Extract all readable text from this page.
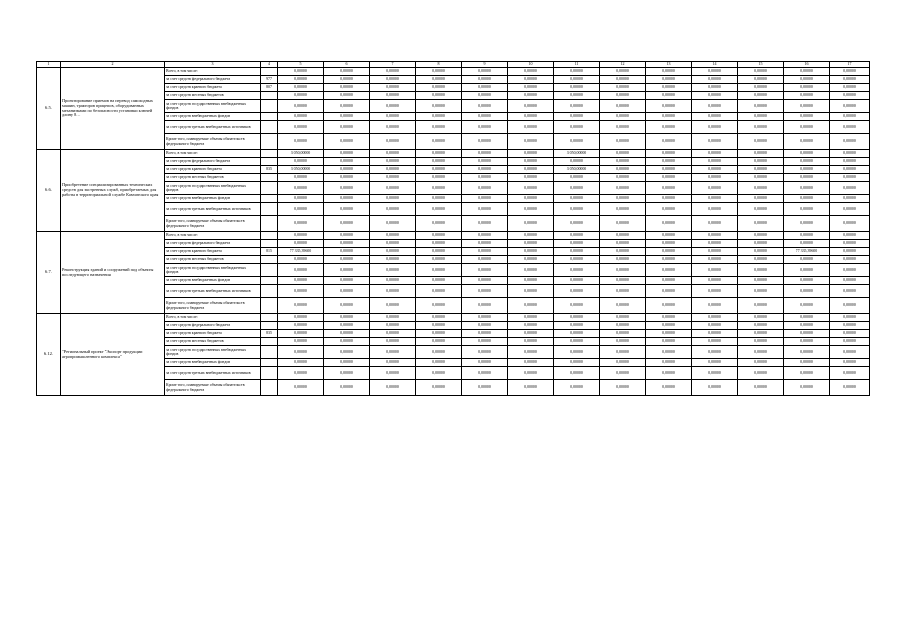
1	2	3	4	5	6	7	8	9	10	11	12	13	14	15	16	17
6.5.	Проектирование приемов на перевод самоходных машин, тракторов прицепов, оборудованных механизмами по безопасности установки ключей длину 8…	Всего, в том числе:		0,00000	0,00000	0,00000	0,00000	0,00000	0,00000	0,00000	0,00000	0,00000	0,00000	0,00000	0,00000	0,00000
		за счет средств федерального бюджета	977	0,00000	0,00000	0,00000	0,00000	0,00000	0,00000	0,00000	0,00000	0,00000	0,00000	0,00000	0,00000	0,00000
		за счет средств краевого бюджета	807	0,00000	0,00000	0,00000	0,00000	0,00000	0,00000	0,00000	0,00000	0,00000	0,00000	0,00000	0,00000	0,00000
		за счет средств местных бюджетов		0,00000	0,00000	0,00000	0,00000	0,00000	0,00000	0,00000	0,00000	0,00000	0,00000	0,00000	0,00000	0,00000
		за счет средств государственных внебюджетных фондов		0,00000	0,00000	0,00000	0,00000	0,00000	0,00000	0,00000	0,00000	0,00000	0,00000	0,00000	0,00000	0,00000
		за счет средств внебюджетных фондов		0,00000	0,00000	0,00000	0,00000	0,00000	0,00000	0,00000	0,00000	0,00000	0,00000	0,00000	0,00000	0,00000
		за счет средств третьих внебюджетных источников		0,00000	0,00000	0,00000	0,00000	0,00000	0,00000	0,00000	0,00000	0,00000	0,00000	0,00000	0,00000	0,00000
		Кроме того, планируемые объемы обязательств федерального бюджета		0,00000	0,00000	0,00000	0,00000	0,00000	0,00000	0,00000	0,00000	0,00000	0,00000	0,00000	0,00000	0,00000
6.6.	Приобретение специализированных технических средств для экстренных служб, приобретаемых для работы в территориальной службе Камчатского края	Всего, в том числе:		3 050,00000	0,00000	0,00000	0,00000	0,00000	0,00000	3 050,00000	0,00000	0,00000	0,00000	0,00000	0,00000	0,00000
		за счет средств федерального бюджета		0,00000	0,00000	0,00000	0,00000	0,00000	0,00000	0,00000	0,00000	0,00000	0,00000	0,00000	0,00000	0,00000
		за счет средств краевого бюджета	835	3 050,00000	0,00000	0,00000	0,00000	0,00000	0,00000	3 050,00000	0,00000	0,00000	0,00000	0,00000	0,00000	0,00000
		за счет средств местных бюджетов		0,00000	0,00000	0,00000	0,00000	0,00000	0,00000	0,00000	0,00000	0,00000	0,00000	0,00000	0,00000	0,00000
		за счет средств государственных внебюджетных фондов		0,00000	0,00000	0,00000	0,00000	0,00000	0,00000	0,00000	0,00000	0,00000	0,00000	0,00000	0,00000	0,00000
		за счет средств внебюджетных фондов		0,00000	0,00000	0,00000	0,00000	0,00000	0,00000	0,00000	0,00000	0,00000	0,00000	0,00000	0,00000	0,00000
		за счет средств третьих внебюджетных источников		0,00000	0,00000	0,00000	0,00000	0,00000	0,00000	0,00000	0,00000	0,00000	0,00000	0,00000	0,00000	0,00000
		Кроме того, планируемые объемы обязательств федерального бюджета		0,00000	0,00000	0,00000	0,00000	0,00000	0,00000	0,00000	0,00000	0,00000	0,00000	0,00000	0,00000	0,00000
6.7.	Реконструкция зданий и сооружений под объекты последующего назначения	Всего, в том числе:		0,00000	0,00000	0,00000	0,00000	0,00000	0,00000	0,00000	0,00000	0,00000	0,00000	0,00000	0,00000	0,00000
		за счет средств федерального бюджета		0,00000	0,00000	0,00000	0,00000	0,00000	0,00000	0,00000	0,00000	0,00000	0,00000	0,00000	0,00000	0,00000
		за счет средств краевого бюджета	815	77 335,39600	0,00000	0,00000	0,00000	0,00000	0,00000	0,00000	0,00000	0,00000	0,00000	0,00000	77 335,39600	0,00000
		за счет средств местных бюджетов		0,00000	0,00000	0,00000	0,00000	0,00000	0,00000	0,00000	0,00000	0,00000	0,00000	0,00000	0,00000	0,00000
		за счет средств государственных внебюджетных фондов		0,00000	0,00000	0,00000	0,00000	0,00000	0,00000	0,00000	0,00000	0,00000	0,00000	0,00000	0,00000	0,00000
		за счет средств внебюджетных фондов		0,00000	0,00000	0,00000	0,00000	0,00000	0,00000	0,00000	0,00000	0,00000	0,00000	0,00000	0,00000	0,00000
		за счет средств третьих внебюджетных источников		0,00000	0,00000	0,00000	0,00000	0,00000	0,00000	0,00000	0,00000	0,00000	0,00000	0,00000	0,00000	0,00000
		Кроме того, планируемые объемы обязательств федерального бюджета		0,00000	0,00000	0,00000	0,00000	0,00000	0,00000	0,00000	0,00000	0,00000	0,00000	0,00000	0,00000	0,00000
6.12.	"Региональный проект "Экспорт продукции агропромышленного комплекса"	Всего, в том числе:		0,00000	0,00000	0,00000	0,00000	0,00000	0,00000	0,00000	0,00000	0,00000	0,00000	0,00000	0,00000	0,00000
		за счет средств федерального бюджета		0,00000	0,00000	0,00000	0,00000	0,00000	0,00000	0,00000	0,00000	0,00000	0,00000	0,00000	0,00000	0,00000
		за счет средств краевого бюджета	835	0,00000	0,00000	0,00000	0,00000	0,00000	0,00000	0,00000	0,00000	0,00000	0,00000	0,00000	0,00000	0,00000
		за счет средств местных бюджетов		0,00000	0,00000	0,00000	0,00000	0,00000	0,00000	0,00000	0,00000	0,00000	0,00000	0,00000	0,00000	0,00000
		за счет средств государственных внебюджетных фондов		0,00000	0,00000	0,00000	0,00000	0,00000	0,00000	0,00000	0,00000	0,00000	0,00000	0,00000	0,00000	0,00000
		за счет средств внебюджетных фондов		0,00000	0,00000	0,00000	0,00000	0,00000	0,00000	0,00000	0,00000	0,00000	0,00000	0,00000	0,00000	0,00000
		за счет средств третьих внебюджетных источников		0,00000	0,00000	0,00000	0,00000	0,00000	0,00000	0,00000	0,00000	0,00000	0,00000	0,00000	0,00000	0,00000
		Кроме того, планируемые объемы обязательств федерального бюджета		0,00000	0,00000	0,00000	0,00000	0,00000	0,00000	0,00000	0,00000	0,00000	0,00000	0,00000	0,00000	0,00000
